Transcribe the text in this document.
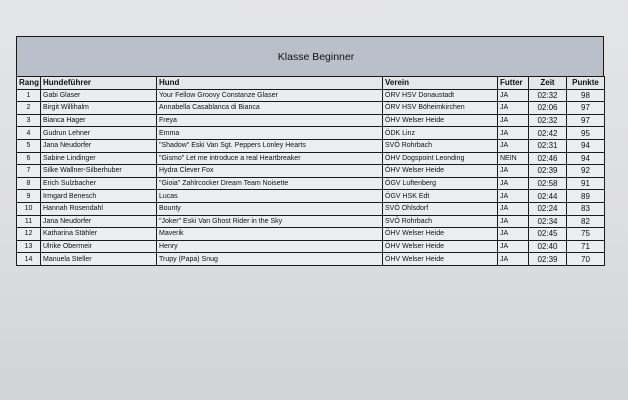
Klasse Beginner
Rang	Hundeführer	Hund	Verein	Futter	Zeit	Punkte
1	Gabi Glaser	Your Fellow Groovy Constanze Glaser	ÖRV HSV Donaustadt	JA	02:32	98
2	Birgit Willihalm	Annabella Casablanca di Bianca	ÖRV HSV Böheimkirchen	JA	02:06	97
3	Bianca Hager	Freya	ÖHV Welser Heide	JA	02:32	97
4	Gudrun Lehner	Emma	ÖDK Linz	JA	02:42	95
5	Jana Neudorfer	"Shadow" Eski Van Sgt. Peppers Lonley Hearts	SVÖ Rohrbach	JA	02:31	94
6	Sabine Lindinger	"Gismo" Let me introduce a real Heartbreaker	ÖHV Dogspoint Leonding	NEIN	02:46	94
7	Silke Wallner-Silberhuber	Hydra Clever Fox	ÖHV Welser Heide	JA	02:39	92
8	Erich Sulzbacher	"Gioia" Zahlrcocker Dream Team Noisette	ÖGV Luftenberg	JA	02:58	91
9	Irmgard Benesch	Lucas	ÖGV HSK Edt	JA	02:44	89
10	Hannah Rosendahl	Bounty	SVÖ Ohlsdorf	JA	02:24	83
11	Jana Neudorfer	"Joker" Eski Van Ghost Rider in the Sky	SVÖ Rohrbach	JA	02:34	82
12	Katharina Stähler	Maverik	ÖHV Welser Heide	JA	02:45	75
13	Ulrike Obermeir	Henry	ÖHV Welser Heide	JA	02:40	71
14	Manuela Steller	Trupy (Papa) Snug	ÖHV Welser Heide	JA	02:39	70
